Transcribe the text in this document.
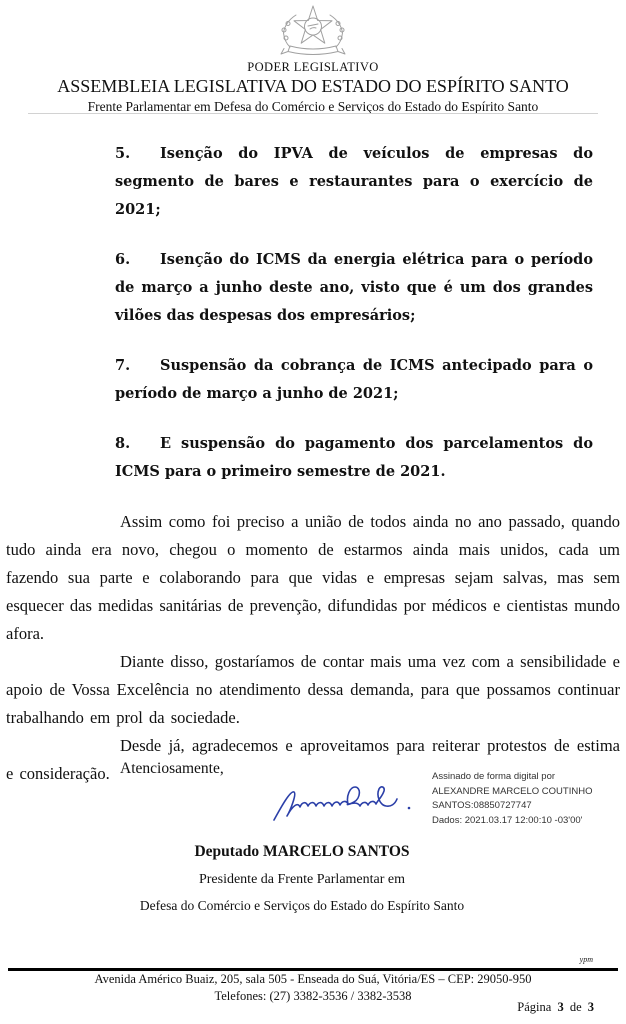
PODER LEGISLATIVO
ASSEMBLEIA LEGISLATIVA DO ESTADO DO ESPÍRITO SANTO
Frente Parlamentar em Defesa do Comércio e Serviços do Estado do Espírito Santo

5. Isenção do IPVA de veículos de empresas do segmento de bares e restaurantes para o exercício de 2021;

6. Isenção do ICMS da energia elétrica para o período de março a junho deste ano, visto que é um dos grandes vilões das despesas dos empresários;

7. Suspensão da cobrança de ICMS antecipado para o período de março a junho de 2021;

8. E suspensão do pagamento dos parcelamentos do ICMS para o primeiro semestre de 2021.

Assim como foi preciso a união de todos ainda no ano passado, quando tudo ainda era novo, chegou o momento de estarmos ainda mais unidos, cada um fazendo sua parte e colaborando para que vidas e empresas sejam salvas, mas sem esquecer das medidas sanitárias de prevenção, difundidas por médicos e cientistas mundo afora.

Diante disso, gostaríamos de contar mais uma vez com a sensibilidade e apoio de Vossa Excelência no atendimento dessa demanda, para que possamos continuar trabalhando em prol da sociedade.

Desde já, agradecemos e aproveitamos para reiterar protestos de estima e consideração. Atenciosamente,	Assinado de forma digital por
ALEXANDRE MARCELO COUTINHO
SANTOS:08850727747
Dados: 2021.03.17 12:00:10 -03'00'
Deputado MARCELO SANTOS
Presidente da Frente Parlamentar em
Defesa do Comércio e Serviços do Estado do Espírito Santo
ypm
Avenida Américo Buaiz, 205, sala 505 - Enseada do Suá, Vitória/ES – CEP: 29050-950
Telefones: (27) 3382-3536 / 3382-3538
Página 3 de 3
